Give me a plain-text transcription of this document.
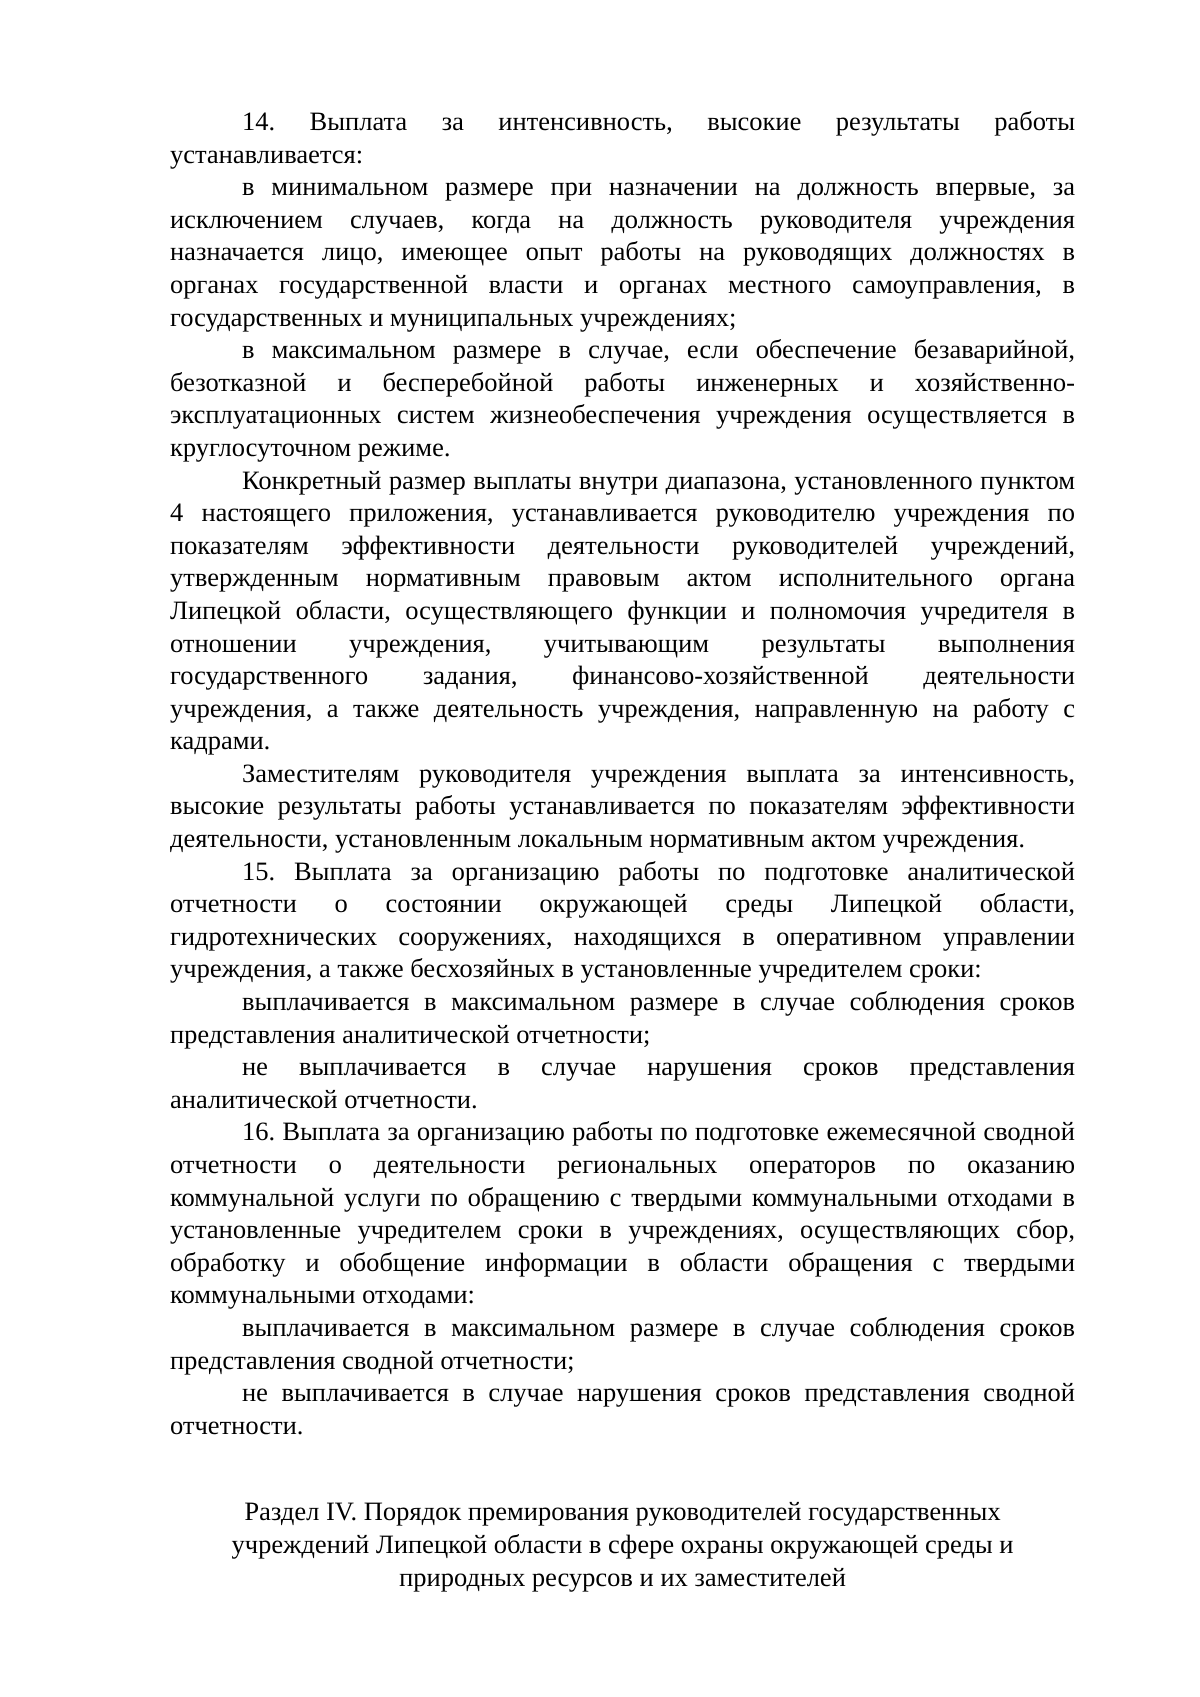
14. Выплата за интенсивность, высокие результаты работы устанавливается:

в минимальном размере при назначении на должность впервые, за исключением случаев, когда на должность руководителя учреждения назначается лицо, имеющее опыт работы на руководящих должностях в органах государственной власти и органах местного самоуправления, в государственных и муниципальных учреждениях;

в максимальном размере в случае, если обеспечение безаварийной, безотказной и бесперебойной работы инженерных и хозяйственно-эксплуатационных систем жизнеобеспечения учреждения осуществляется в круглосуточном режиме.

Конкретный размер выплаты внутри диапазона, установленного пунктом 4 настоящего приложения, устанавливается руководителю учреждения по показателям эффективности деятельности руководителей учреждений, утвержденным нормативным правовым актом исполнительного органа Липецкой области, осуществляющего функции и полномочия учредителя в отношении учреждения, учитывающим результаты выполнения государственного задания, финансово-хозяйственной деятельности учреждения, а также деятельность учреждения, направленную на работу с кадрами.

Заместителям руководителя учреждения выплата за интенсивность, высокие результаты работы устанавливается по показателям эффективности деятельности, установленным локальным нормативным актом учреждения.

15. Выплата за организацию работы по подготовке аналитической отчетности о состоянии окружающей среды Липецкой области, гидротехнических сооружениях, находящихся в оперативном управлении учреждения, а также бесхозяйных в установленные учредителем сроки:

выплачивается в максимальном размере в случае соблюдения сроков представления аналитической отчетности;

не выплачивается в случае нарушения сроков представления аналитической отчетности.

16. Выплата за организацию работы по подготовке ежемесячной сводной отчетности о деятельности региональных операторов по оказанию коммунальной услуги по обращению с твердыми коммунальными отходами в установленные учредителем сроки в учреждениях, осуществляющих сбор, обработку и обобщение информации в области обращения с твердыми коммунальными отходами:

выплачивается в максимальном размере в случае соблюдения сроков представления сводной отчетности;

не выплачивается в случае нарушения сроков представления сводной отчетности.

Раздел IV. Порядок премирования руководителей государственных
учреждений Липецкой области в сфере охраны окружающей среды и
природных ресурсов и их заместителей
